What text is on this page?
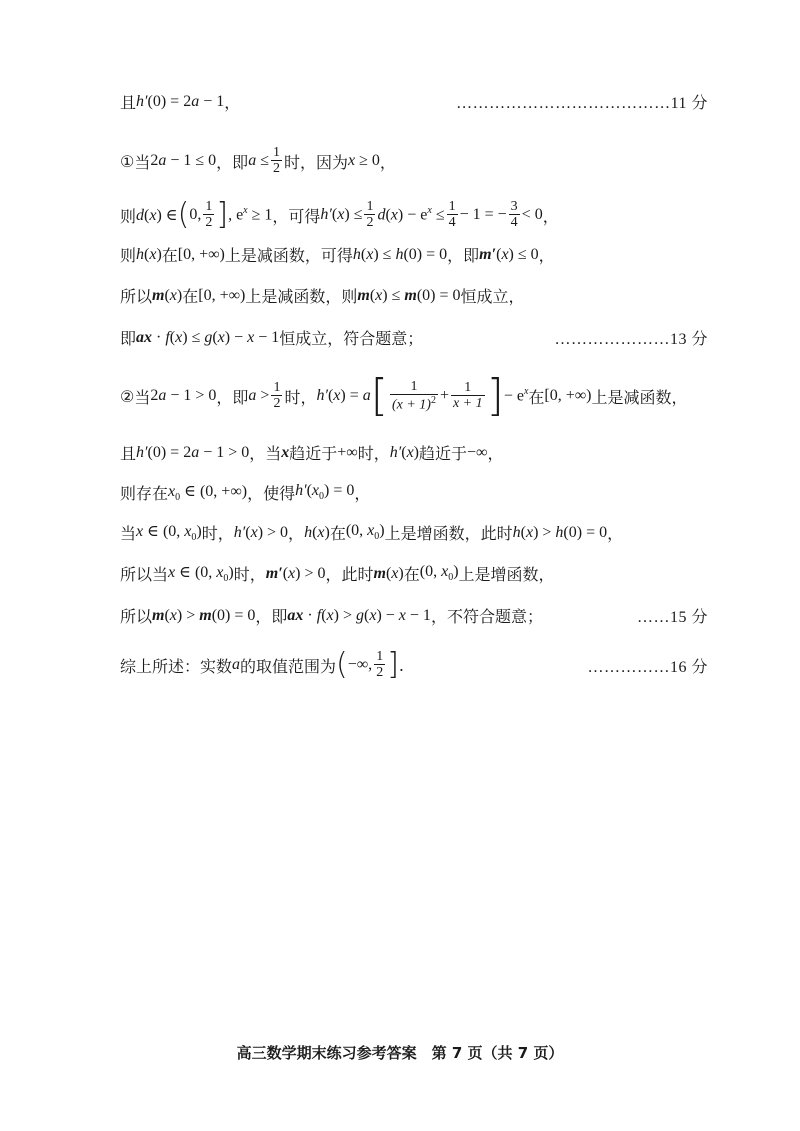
且 h′(0) = 2a − 1 ，	…………………………………11 分
① 当 2a − 1 ≤ 0 ，即 $a \le \frac{1}{2}$ 时，因为 x ≥ 0 ，
则 d(x) ∈ ( 0, $\frac{1}{2}$ ] , $e^x \ge 1$ ，可得 $h'(x) \le \frac{1}{2} d(x) - e^x \le \frac{1}{4} - 1$ = − $\frac{3}{4} < 0$ ，
则 h(x) 在 [0, +∞) 上是减函数，可得 h(x) ≤ h(0) = 0 ，即 m′(x) ≤ 0 ，
所以 m(x) 在 [0, +∞) 上是减函数，则 m(x) ≤ m(0) = 0 恒成立，
即 ax · f(x) ≤ g(x) − x − 1 恒成立，符合题意；	…………………13 分
② 当 2a − 1 > 0 ，即 $a > \frac{1}{2}$ 时， h′(x) = a [ $\frac{1}{(x + 1)^2} + \frac{1}{x + 1}$ ] − $e^x$ 在 [0, +∞) 上是减函数，
且 h′(0) = 2a − 1 > 0 ，当 x 趋近于 +∞ 时， h′(x) 趋近于 −∞ ，
则存在 $x_0$ ∈ (0, +∞) ，使得 $h'(x_0) = 0$ ，
当 x ∈ (0, $x_0$) 时， h′(x) > 0 ， h(x) 在 (0, $x_0$) 上是增函数，此时 h(x) > h(0) = 0 ，
所以当 x ∈ (0, $x_0$) 时， m′(x) > 0 ，此时 m(x) 在 (0, $x_0$) 上是增函数，
所以 m(x) > m(0) = 0 ，即 ax · f(x) > g(x) − x − 1 ，不符合题意；	……15 分
综上所述：实数 a 的取值范围为 ( −∞, $\frac{1}{2}$ ] .	……………16 分
高三数学期末练习参考答案　第 7 页（共 7 页）
